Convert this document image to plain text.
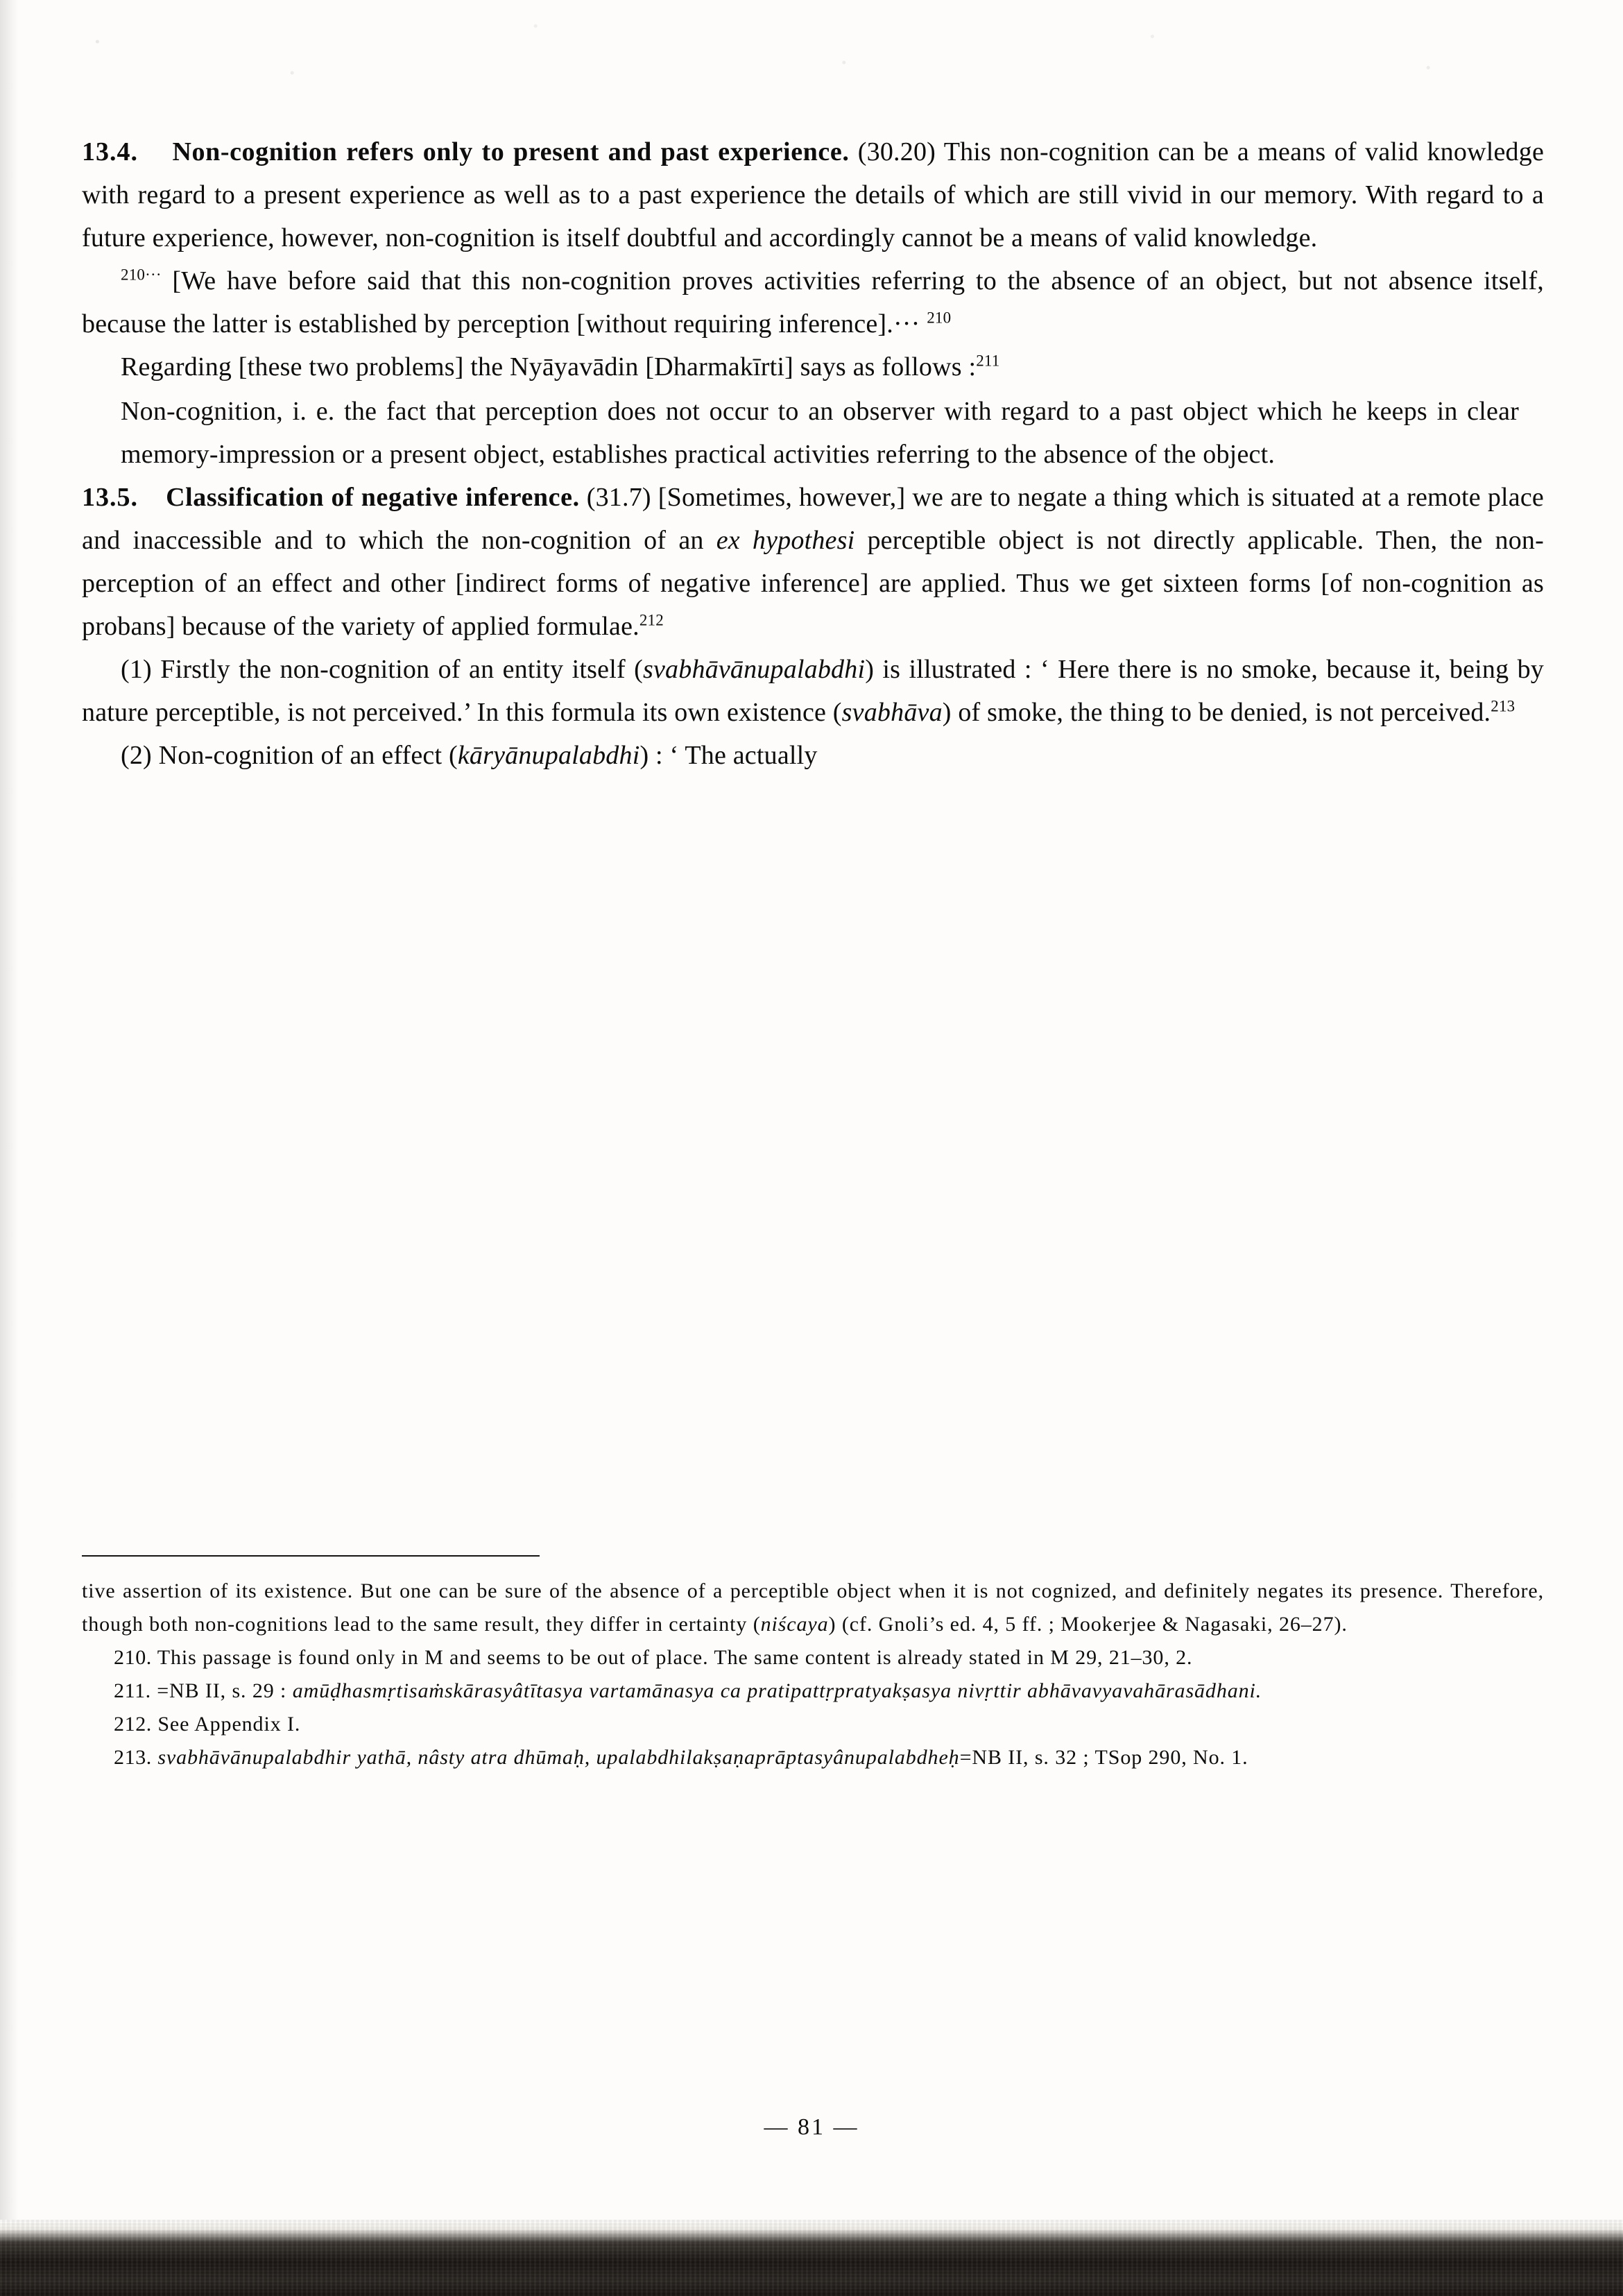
13.4. Non-cognition refers only to present and past experience. (30.20) This non-cognition can be a means of valid knowledge with regard to a present experience as well as to a past experience the details of which are still vivid in our memory. With regard to a future experience, however, non-cognition is itself doubtful and accordingly cannot be a means of valid knowledge.

$^{210\cdot\cdot\cdot}$ [We have before said that this non-cognition proves activities referring to the absence of an object, but not absence itself, because the latter is established by perception [without requiring inference].··· $^{210}$

Regarding [these two problems] the Nyāyavādin [Dharmakīrti] says as follows :$^{211}$

Non-cognition, i. e. the fact that perception does not occur to an observer with regard to a past object which he keeps in clear memory-impression or a present object, establishes practical activities referring to the absence of the object.

13.5. Classification of negative inference. (31.7) [Sometimes, however,] we are to negate a thing which is situated at a remote place and inaccessible and to which the non-cognition of an ex hypothesi perceptible object is not directly applicable. Then, the non-perception of an effect and other [indirect forms of negative inference] are applied. Thus we get sixteen forms [of non-cognition as probans] because of the variety of applied formulae.$^{212}$

(1) Firstly the non-cognition of an entity itself (svabhāvānupalabdhi) is illustrated : ‘ Here there is no smoke, because it, being by nature perceptible, is not perceived.’ In this formula its own existence (svabhāva) of smoke, the thing to be denied, is not perceived.$^{213}$

(2) Non-cognition of an effect (kāryānupalabdhi) : ‘ The actually

tive assertion of its existence. But one can be sure of the absence of a perceptible object when it is not cognized, and definitely negates its presence. Therefore, though both non-cognitions lead to the same result, they differ in certainty (niścaya) (cf. Gnoli’s ed. 4, 5 ff. ; Mookerjee & Nagasaki, 26–27).

210. This passage is found only in M and seems to be out of place. The same content is already stated in M 29, 21–30, 2.

211. =NB II, s. 29 : amūḍhasmṛtisaṁskārasyâtītasya vartamānasya ca pratipattṛpratyakṣasya nivṛttir abhāvavyavahārasādhani.

212. See Appendix I.

213. svabhāvānupalabdhir yathā, nâsty atra dhūmaḥ, upalabdhilakṣaṇaprāptasyânupalabdheḥ=NB II, s. 32 ; TSop 290, No. 1.

— 81 —
